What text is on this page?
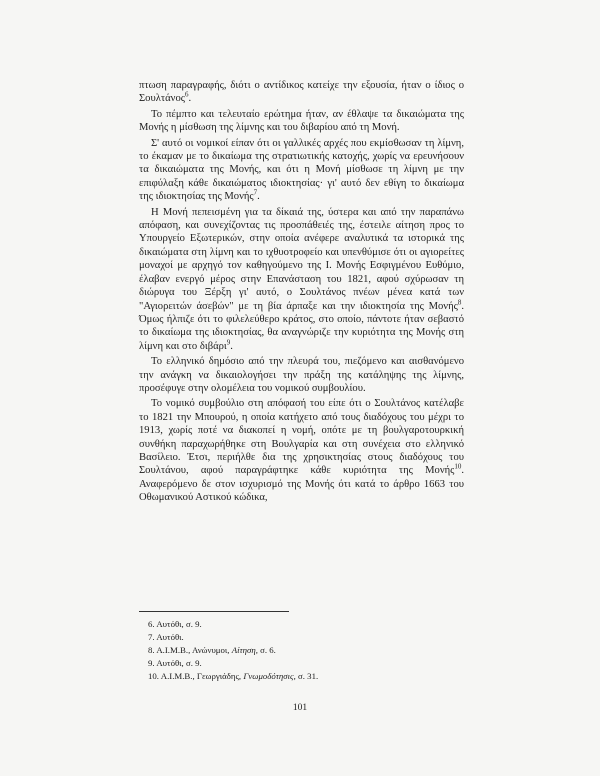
πτωση παραγραφής, διότι ο αντίδικος κατείχε την εξουσία, ήταν ο ίδιος ο Σουλτάνος$^6$.

Το πέμπτο και τελευταίο ερώτημα ήταν, αν έθλαψε τα δικαιώματα της Μονής η μίσθωση της λίμνης και του διβαρίου από τη Μονή.

Σ' αυτό οι νομικοί είπαν ότι οι γαλλικές αρχές που εκμίσθωσαν τη λίμνη, το έκαμαν με το δικαίωμα της στρατιωτικής κατοχής, χωρίς να ερευνήσουν τα δικαιώματα της Μονής, και ότι η Μονή μίσθωσε τη λίμνη με την επιφύλαξη κάθε δικαιώματος ιδιοκτησίας· γι' αυτό δεν εθίγη το δικαίωμα της ιδιοκτησίας της Μονής$^7$.

Η Μονή πεπεισμένη για τα δίκαιά της, ύστερα και από την παραπάνω απόφαση, και συνεχίζοντας τις προσπάθειές της, έστειλε αίτηση προς το Υπουργείο Εξωτερικών, στην οποία ανέφερε αναλυτικά τα ιστορικά της δικαιώματα στη λίμνη και το ιχθυοτροφείο και υπενθύμισε ότι οι αγιορείτες μοναχοί με αρχηγό τον καθηγούμενο της Ι. Μονής Εσφιγμένου Ευθύμιο, έλαβαν ενεργό μέρος στην Επανάσταση του 1821, αφού σχύρωσαν τη διώρυγα του Ξέρξη γι' αυτό, ο Σουλτάνος πνέων μένεα κατά των "Αγιορειτών άσεβών" με τη βία άρπαξε και την ιδιοκτησία της Μονής$^8$. Όμως ήλπιζε ότι το φιλελεύθερο κράτος, στο οποίο, πάντοτε ήταν σεβαστό το δικαίωμα της ιδιοκτησίας, θα αναγνώριζε την κυριότητα της Μονής στη λίμνη και στο διβάρι$^9$.

Το ελληνικό δημόσιο από την πλευρά του, πιεζόμενο και αισθανόμενο την ανάγκη να δικαιολογήσει την πράξη της κατάληψης της λίμνης, προσέφυγε στην ολομέλεια του νομικού συμβουλίου.

Το νομικό συμβούλιο στη απόφασή του είπε ότι ο Σουλτάνος κατέλαβε το 1821 την Μπουρού, η οποία κατήχετο από τους διαδόχους του μέχρι το 1913, χωρίς ποτέ να διακοπεί η νομή, οπότε με τη βουλγαροτουρκική συνθήκη παραχωρήθηκε στη Βουλγαρία και στη συνέχεια στο ελληνικό Βασίλειο. Έτσι, περιήλθε δια της χρησικτησίας στους διαδόχους του Σουλτάνου, αφού παραγράφτηκε κάθε κυριότητα της Μονής$^{10}$. Αναφερόμενο δε στον ισχυρισμό της Μονής ότι κατά το άρθρο 1663 του Οθωμανικού Αστικού κώδικα,

6. Αυτόθι, σ. 9.
7. Αυτόθι.
8. Α.Ι.Μ.Β., Ανώνυμοι, Αίτηση, σ. 6.
9. Αυτόθι, σ. 9.
10. Α.Ι.Μ.Β., Γεωργιάδης, Γνωμοδότησις, σ. 31.
101
